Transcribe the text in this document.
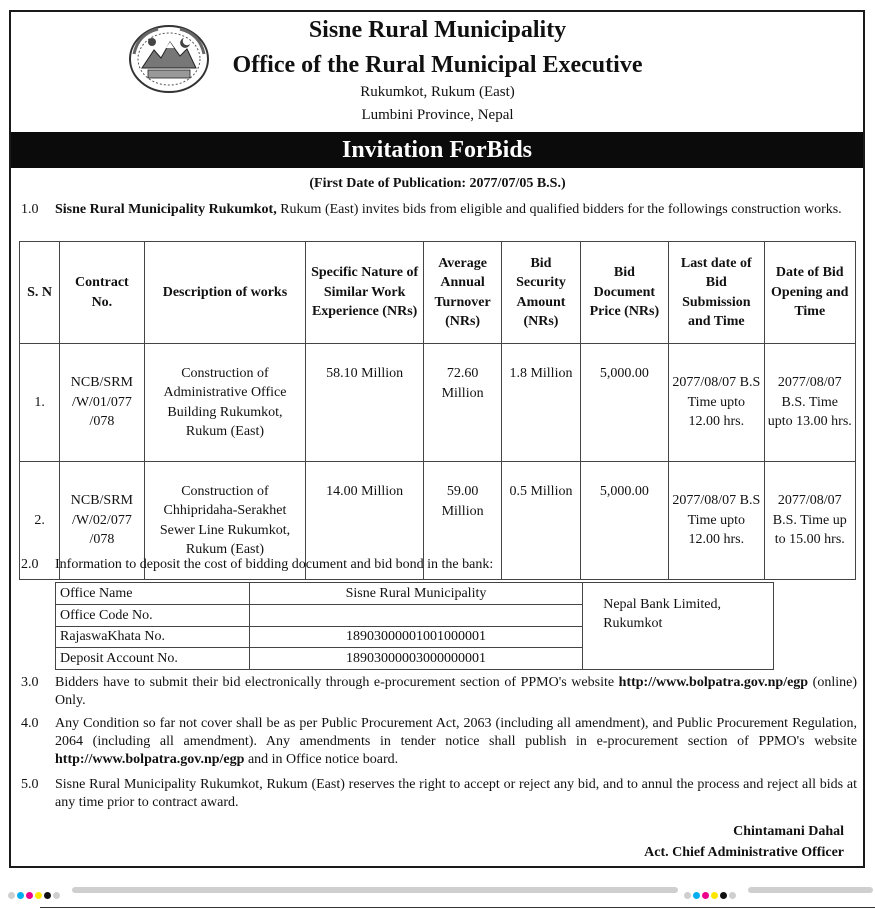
Sisne Rural Municipality
Office of the Rural Municipal Executive
Rukumkot, Rukum (East)
Lumbini Province, Nepal
Invitation ForBids
(First Date of Publication: 2077/07/05 B.S.)
1.0 Sisne Rural Municipality Rukumkot, Rukum (East) invites bids from eligible and qualified bidders for the followings construction works.
S. N	Contract No.	Description of works	Specific Nature of Similar Work Experience (NRs)	Average Annual Turnover (NRs)	Bid Security Amount (NRs)	Bid Document Price (NRs)	Last date of Bid Submission and Time	Date of Bid Opening and Time
1.	NCB/SRM /W/01/077 /078	Construction of Administrative Office Building Rukumkot, Rukum (East)	58.10 Million	72.60 Million	1.8 Million	5,000.00	2077/08/07 B.S Time upto 12.00 hrs.	2077/08/07 B.S. Time upto 13.00 hrs.
2.	NCB/SRM /W/02/077 /078	Construction of Chhipridaha-Serakhet Sewer Line Rukumkot, Rukum (East)	14.00 Million	59.00 Million	0.5 Million	5,000.00	2077/08/07 B.S Time upto 12.00 hrs.	2077/08/07 B.S. Time up to 15.00 hrs.
2.0 Information to deposit the cost of bidding document and bid bond in the bank:
Office Name	Sisne Rural Municipality	Nepal Bank Limited, Rukumkot
Office Code No.		
RajaswaKhata No.	18903000001001000001	
Deposit Account No.	18903000003000000001	
3.0 Bidders have to submit their bid electronically through e-procurement section of PPMO's website http://www.bolpatra.gov.np/egp (online) Only.
4.0 Any Condition so far not cover shall be as per Public Procurement Act, 2063 (including all amendment), and Public Procurement Regulation, 2064 (including all amendment). Any amendments in tender notice shall publish in e-procurement section of PPMO's website http://www.bolpatra.gov.np/egp and in Office notice board.
5.0 Sisne Rural Municipality Rukumkot, Rukum (East) reserves the right to accept or reject any bid, and to annul the process and reject all bids at any time prior to contract award.
Chintamani Dahal
Act. Chief Administrative Officer
